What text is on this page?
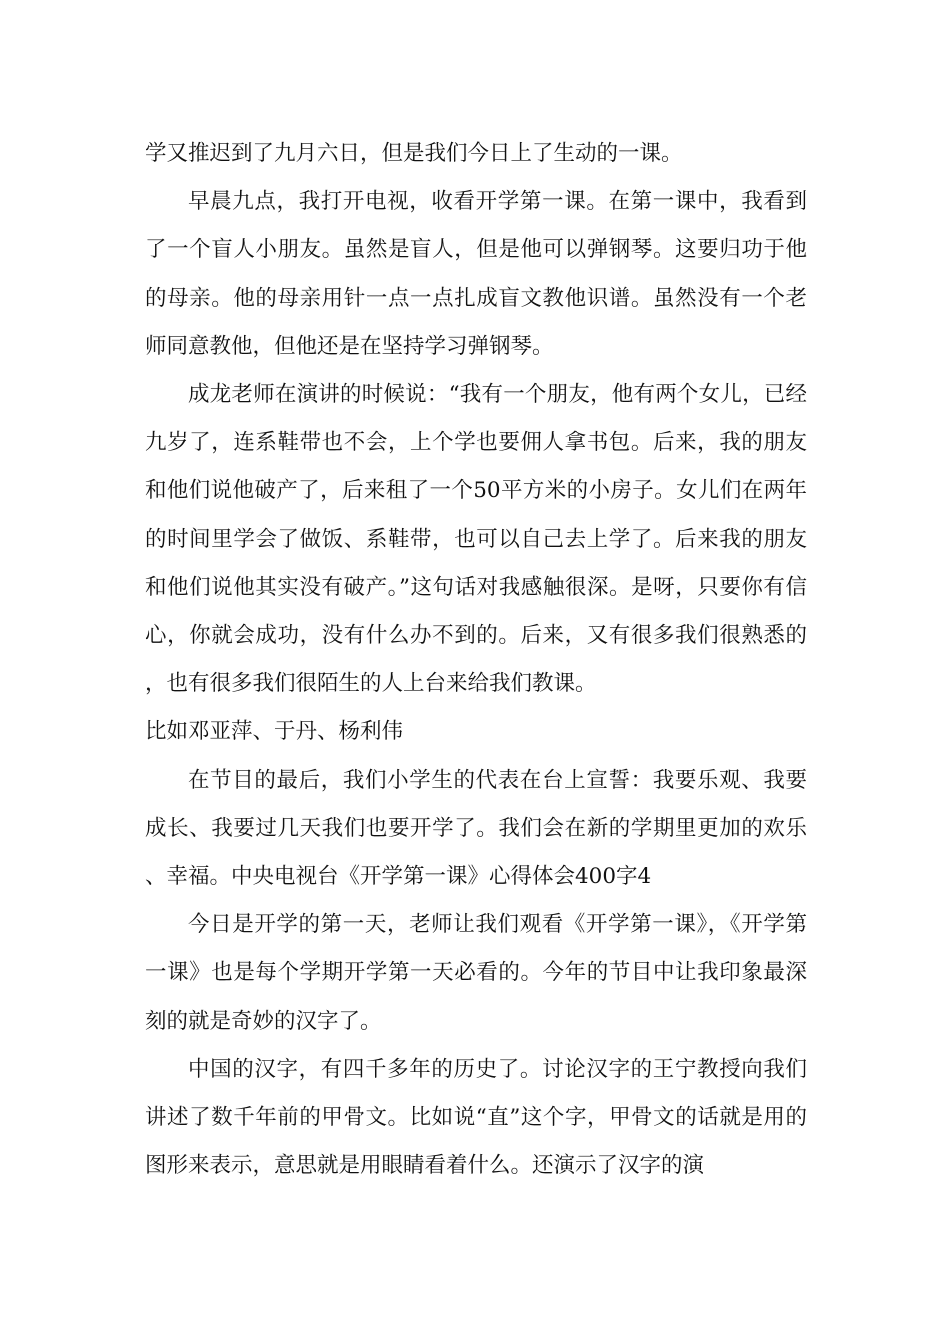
学又推迟到了九月六日，但是我们今日上了生动的一课。

早晨九点，我打开电视，收看开学第一课。在第一课中，我看到了一个盲人小朋友。虽然是盲人，但是他可以弹钢琴。这要归功于他的母亲。他的母亲用针一点一点扎成盲文教他识谱。虽然没有一个老师同意教他，但他还是在坚持学习弹钢琴。

成龙老师在演讲的时候说：“我有一个朋友，他有两个女儿，已经九岁了，连系鞋带也不会，上个学也要佣人拿书包。后来，我的朋友和他们说他破产了，后来租了一个50平方米的小房子。女儿们在两年的时间里学会了做饭、系鞋带，也可以自己去上学了。后来我的朋友和他们说他其实没有破产。”这句话对我感触很深。是呀，只要你有信心，你就会成功，没有什么办不到的。后来，又有很多我们很熟悉的，也有很多我们很陌生的人上台来给我们教课。

比如邓亚萍、于丹、杨利伟

在节目的最后，我们小学生的代表在台上宣誓：我要乐观、我要成长、我要过几天我们也要开学了。我们会在新的学期里更加的欢乐、幸福。中央电视台《开学第一课》心得体会400字4

今日是开学的第一天，老师让我们观看《开学第一课》，《开学第一课》也是每个学期开学第一天必看的。今年的节目中让我印象最深刻的就是奇妙的汉字了。

中国的汉字，有四千多年的历史了。讨论汉字的王宁教授向我们讲述了数千年前的甲骨文。比如说“直”这个字，甲骨文的话就是用的图形来表示，意思就是用眼睛看着什么。还演示了汉字的演
